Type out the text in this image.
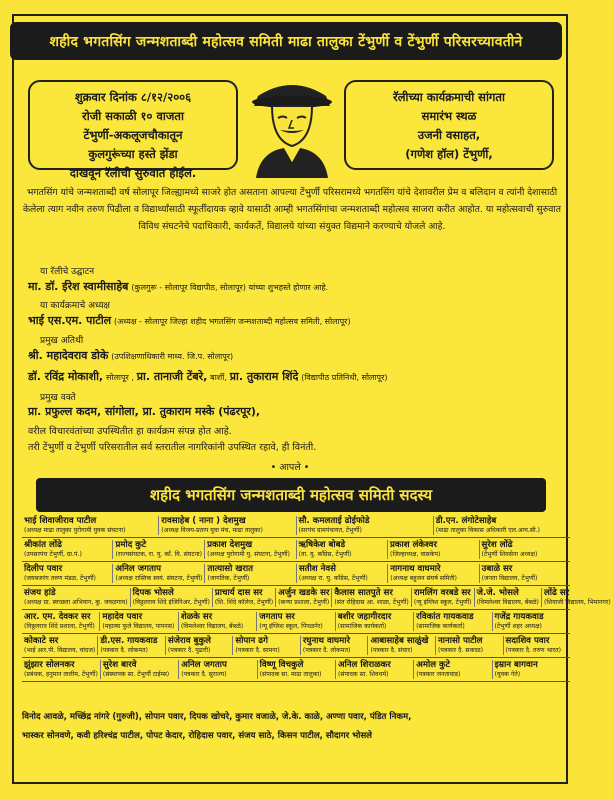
शहीद भगतसिंग जन्मशताब्दी महोत्सव समिती माढा तालुका टेंभुर्णी व टेंभुर्णी परिसरच्यावतीने
शुक्रवार दिनांक ८/१२/२००६
रोजी सकाळी १० वाजता
टेंभुर्णी-अकलूजचौकातून
कुलगुरूंच्या हस्ते झेंडा
दाखवून रॅलीची सुरुवात होईल.
रॅलीच्या कार्यक्रमाची सांगता
समारंभ स्थळ
उजनी वसाहत,
(गणेश हॉल) टेंभुर्णी,
भगतसिंग यांचे जन्मशताब्दी वर्ष सोलापूर जिल्ह्यामध्ये साजरे होत असताना आपल्या टेंभुर्णी परिसरामध्ये भगतसिंग यांचे देशावरील प्रेम व बलिदान व त्यांनी देशासाठी केलेला त्याग नवीन तरुण पिढीला व विद्यार्थ्यांसाठी स्फूर्तीदायक व्हावे यासाठी आम्ही भगतसिंगांचा जन्मशताब्दी महोत्सव साजरा करीत आहोत. या महोत्सवाची सुरुवात विविध संघटनेचे पदाधिकारी, कार्यकर्ते, विद्यालये यांच्या संयुक्त विद्यमाने करण्याचे योजले आहे.
या रॅलीचे उद्घाटन
मा. डॉ. ईरेश स्वामीसाहेब (कुलगुरू - सोलापूर विद्यापीठ, सोलापूर) यांच्या शुभहस्ते होणार आहे.
या कार्यक्रमाचे अध्यक्ष
भाई एस.एम. पाटील (अध्यक्ष - सोलापूर जिल्हा शहीद भगतसिंग जन्मशताब्दी महोत्सव समिती, सोलापूर)
प्रमुख अतिथी
श्री. महादेवराव डोके (उपशिक्षणाधिकारी माध्य. जि.प. सोलापूर)
डॉ. रविंद्र मोकाशी, सोलापूर , प्रा. तानाजी टेंबरे, बार्शी, प्रा. तुकाराम शिंदे (विद्यापीठ प्रतिनिधी, सोलापूर)
प्रमुख वक्ते
प्रा. प्रफुल्ल कदम, सांगोला, प्रा. तुकाराम मस्के (पंढरपूर),
वरील विचारवंतांच्या उपस्थितीत हा कार्यक्रम संपन्न होत आहे.
तरी टेंभुर्णी व टेंभुर्णी परिसरातील सर्व स्तरातील नागरिकांनी उपस्थित रहावे, ही विनंती.
• आपले •
शहीद भगतसिंग जन्मशताब्दी महोत्सव समिती सदस्य
भाई शिवाजीराव पाटील
(अध्यक्ष माढा तालुका पुरोगामी युवक संघटना)
रावसाहेब ( नाना ) देशमुख
(अध्यक्ष विजय-प्रताप युवा मंच, माढा तालुका)
सौ. कमलताई ढोईफोडे
(सरपंच ग्रामपंचायत, टेंभुर्णी)
डी.एन. लंगोटेसाहेब
(माढा तालुका विकास अधिकारी एल.आय.सी.)
श्रीकांत लोंढे
(उपसरपंच टेंभुर्णी, ग्रा.पं.)
प्रमोद कुटे
(राज्यसंघटक, रा. यु. कॉं. वि. संघटना)
प्रकाश देशमुख
(अध्यक्ष पुरोगामी यु. संघटना, टेंभुर्णी)
ऋषिकेश बोबडे
(ता. यु. काँग्रेस, टेंभुर्णी)
प्रकाश लंकेश्वर
(जिल्हाध्यक्ष, वासकेप)
सुरेश लोंढे
(टेंभुर्णी शिवसेना अध्यक्ष)
दिलीप पवार
(जयबजरंग तरुण मंडळ, टेंभुर्णी)
अनिल जगताप
(अध्यक्ष रास्तिक स्वयं. संघटना, टेंभुर्णी)
तात्यासो खरात
(जागतिक, टेंभुर्णी)
सतीश नेवसे
(अध्यक्ष रा. यु. कॉंग्रेस, टेंभुर्णी)
नागनाथ वाघमारे
(अध्यक्ष बहुजन संघर्ष समिती)
उबाळे सर
(जनता विद्यालय, टेंभुर्णी)
संजय हांडे
(अध्यक्ष ग्रा. स्वच्छता अभियान, कु. जवळगाव)
दिपक भोसले
(विठ्ठलराव शिंदे इंजिनिअर, टेंभुर्णी)
प्राचार्य दास सर
(शि. शिंदे कॉलेज, टेंभुर्णी)
अर्जुन खडके सर
(कन्या प्रशाला, टेंभुर्णी)
कैलास सातपुते सर
(संत रोहिदास आ. शाळा, टेंभुर्णी)
रामलिंग वरबडे सर
(न्यू इंग्लिश स्कूल, टेंभुर्णी)
जे.जे. भोसले
(विमलेश्वर विद्यालय, बेंबळे)
लोंढे सर
(शिवाजी विद्यालय, भिमानगर)
आर. एम. देवकर सर
(विठ्ठलराव शिंदे प्रशाला, टेंभुर्णी)
महादेव पवार
(महात्मा फुले विद्यालय, पापनस)
शेळके सर
(विमलेश्वर विद्यालय, बेंबळे)
जगताप सर
(न्यू इंग्लिश स्कूल, पिंपळनेर)
बशीर जहागीरदार
(सामाजिक कार्यकर्ता)
रविकांत गायकवाड
(सामाजिक कार्यकर्ता)
गजेंद्र गायकवाड
(टेंभुर्णी शहर अध्यक्ष)
कोकाटे सर
(भाई आर.पी. विद्यालय, चांदज)
डी.एस. गायकवाड
(पत्रकार दै. लोकमत)
संजेराव बुकुले
(पत्रकार दै. पुढारी)
सोपान ढगे
(पत्रकार दै. सामना)
रघुनाथ वाघमारे
(पत्रकार दै. लोकमत)
आबासाहेब साळुंखे
(पत्रकार दै. संचार)
नानासो पाटील
(पत्रकार दै. सकाळ)
सदाशिव पवार
(पत्रकार दै. तरुण भारत)
झुंझार सोलनकर
(प्रबंधक, हनुमान तालीम, टेंभुर्णी)
सुरेश बारवे
(संस्थापक सा. टेंभुर्णी टाईम्स)
अनिल जगताप
(पत्रकार दै. सुराज्य)
विष्णू विचकुले
(संपादक सा. माढा तालुका)
अनिल शिराळकर
(संपादक सा. शिवधर्म)
अमोल कुटे
(पत्रकार जनतावाड)
इम्रान बागवान
(युवक नेते)
विनोद आवळे, मच्छिंद्र नांगरे (गुरुजी), सोपान पवार, दिपक खोचरे, कुमार वजाळे, जे.के. काळे, अण्णा पवार, पंडित निकम,
भास्कर सोनवणे, कवी हरिश्चंद्र पाटील, पोपट केदार, रोहिदास पवार, संजय साठे, किसन पाटील, सौदागर भोसले
